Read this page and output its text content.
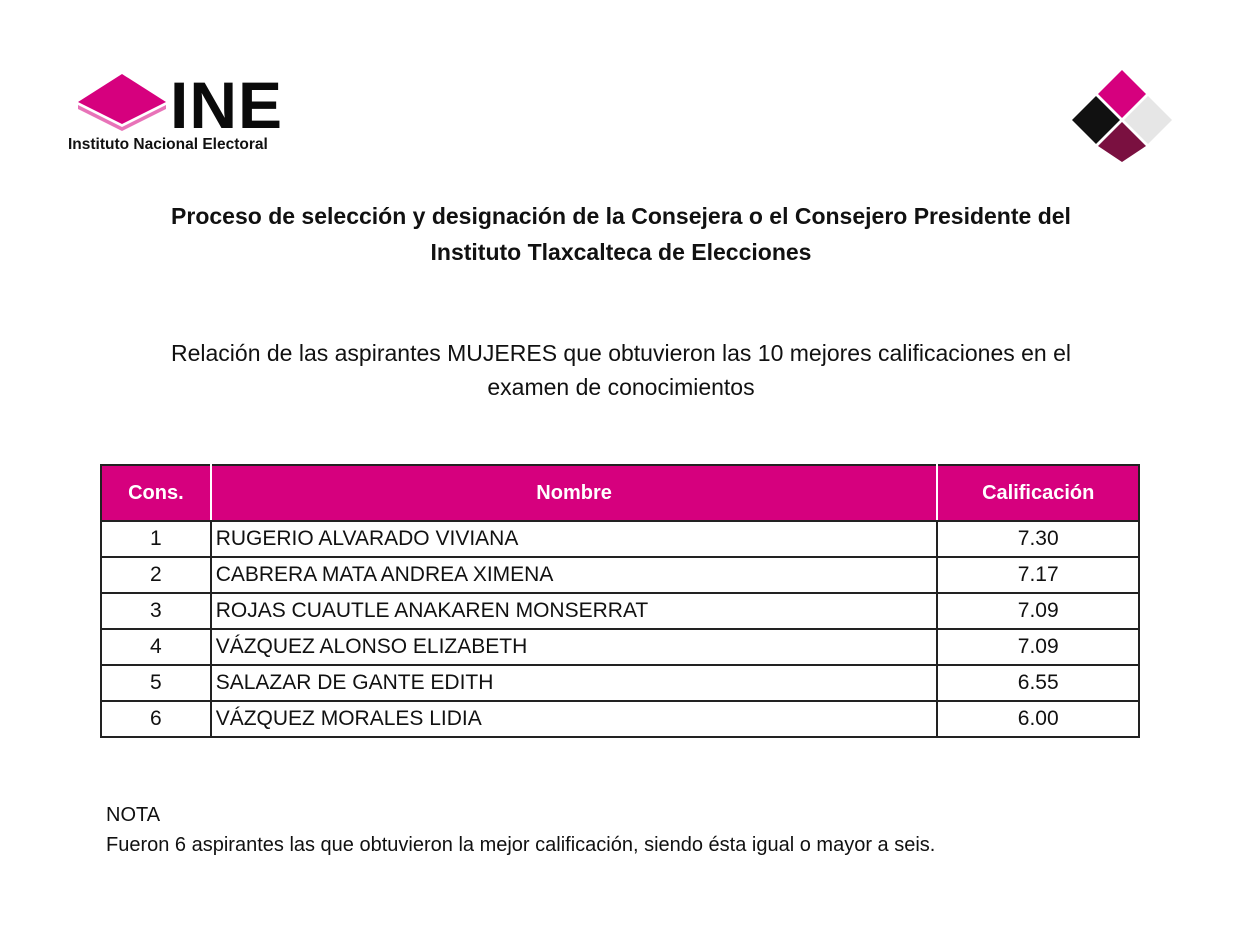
INE
Instituto Nacional Electoral
Proceso de selección y designación de la Consejera o el Consejero Presidente del
Instituto Tlaxcalteca de Elecciones
Relación de las aspirantes MUJERES que obtuvieron las 10 mejores calificaciones en el
examen de conocimientos
Cons.	Nombre	Calificación
1	RUGERIO ALVARADO VIVIANA	7.30
2	CABRERA MATA ANDREA XIMENA	7.17
3	ROJAS CUAUTLE ANAKAREN MONSERRAT	7.09
4	VÁZQUEZ ALONSO ELIZABETH	7.09
5	SALAZAR DE GANTE EDITH	6.55
6	VÁZQUEZ MORALES LIDIA	6.00
NOTA
Fueron 6 aspirantes las que obtuvieron la mejor calificación, siendo ésta igual o mayor a seis.
